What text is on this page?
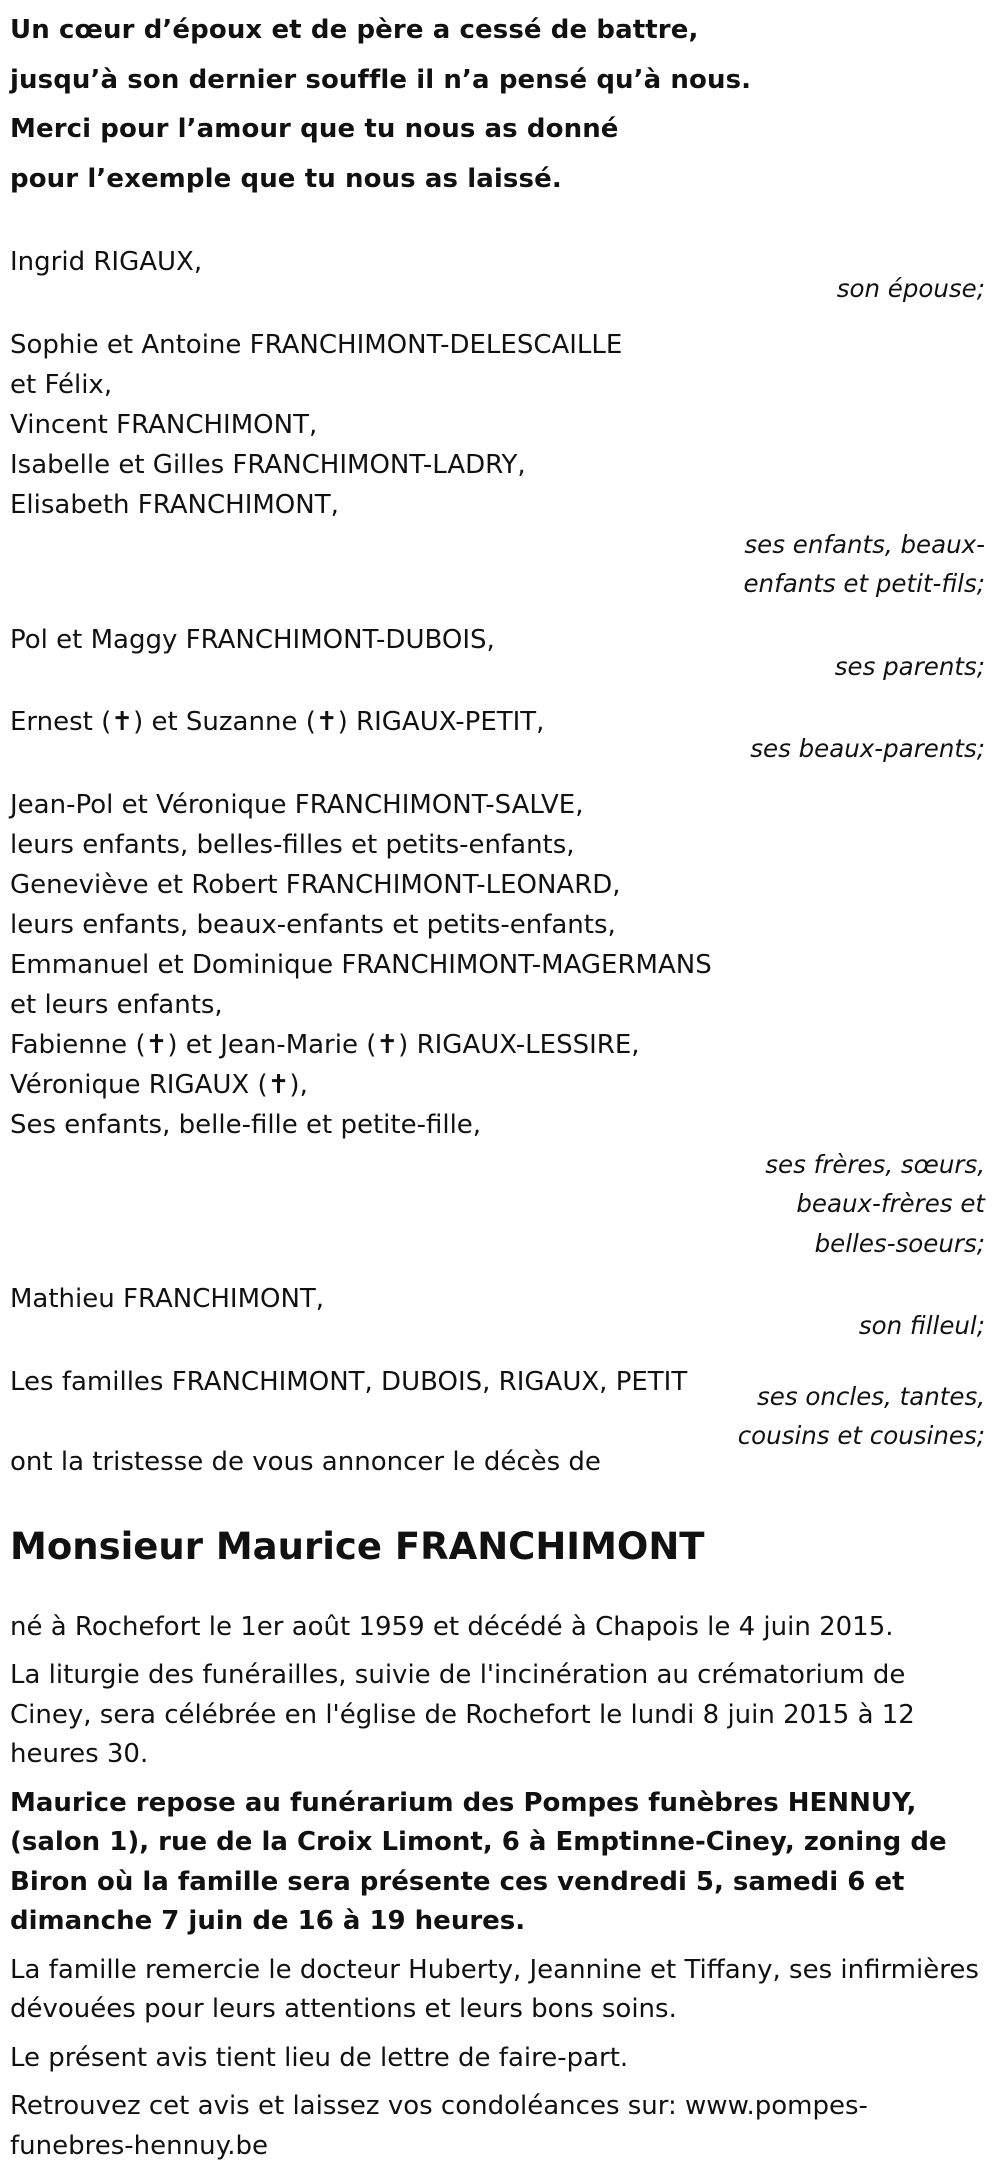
Un cœur d’époux et de père a cessé de battre,
jusqu’à son dernier souffle il n’a pensé qu’à nous.
Merci pour l’amour que tu nous as donné
pour l’exemple que tu nous as laissé.
Ingrid RIGAUX,
son épouse;
Sophie et Antoine FRANCHIMONT-DELESCAILLE
et Félix,
Vincent FRANCHIMONT,
Isabelle et Gilles FRANCHIMONT-LADRY,
Elisabeth FRANCHIMONT,
ses enfants, beaux-
enfants et petit-fils;
Pol et Maggy FRANCHIMONT-DUBOIS,
ses parents;
Ernest (✝) et Suzanne (✝) RIGAUX-PETIT,
ses beaux-parents;
Jean-Pol et Véronique FRANCHIMONT-SALVE,
leurs enfants, belles-filles et petits-enfants,
Geneviève et Robert FRANCHIMONT-LEONARD,
leurs enfants, beaux-enfants et petits-enfants,
Emmanuel et Dominique FRANCHIMONT-MAGERMANS
et leurs enfants,
Fabienne (✝) et Jean-Marie (✝) RIGAUX-LESSIRE,
Véronique RIGAUX (✝),
Ses enfants, belle-fille et petite-fille,
ses frères, sœurs,
beaux-frères et
belles-soeurs;
Mathieu FRANCHIMONT,
son filleul;
Les familles FRANCHIMONT, DUBOIS, RIGAUX, PETIT	ses oncles, tantes,
cousins et cousines;
ont la tristesse de vous annoncer le décès de
Monsieur Maurice FRANCHIMONT
né à Rochefort le 1er août 1959 et décédé à Chapois le 4 juin 2015.
La liturgie des funérailles, suivie de l'incinération au crématorium de Ciney, sera célébrée en l'église de Rochefort le lundi 8 juin 2015 à 12 heures 30.
Maurice repose au funérarium des Pompes funèbres HENNUY, (salon 1), rue de la Croix Limont, 6 à Emptinne-Ciney, zoning de Biron où la famille sera présente ces vendredi 5, samedi 6 et dimanche 7 juin de 16 à 19 heures.
La famille remercie le docteur Huberty, Jeannine et Tiffany, ses infirmières dévouées pour leurs attentions et leurs bons soins.
Le présent avis tient lieu de lettre de faire-part.
Retrouvez cet avis et laissez vos condoléances sur: www.pompes-funebres-hennuy.be
